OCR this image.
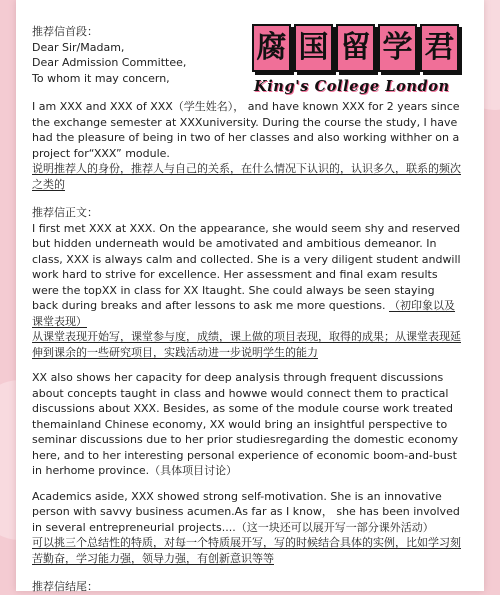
推荐信首段：

Dear Sir/Madam,

Dear Admission Committee,

To whom it may concern,

I am XXX and XXX of XXX（学生姓名）， and have known XXX for 2 years since the exchange semester at XXXuniversity. During the course the study, I have had the pleasure of being in two of her classes and also working withher on a project for“XXX” module.

说明推荐人的身份，推荐人与自己的关系，在什么情况下认识的，认识多久，联系的频次之类的

推荐信正文：

I first met XXX at XXX. On the appearance, she would seem shy and reserved but hidden underneath would be amotivated and ambitious demeanor. In class, XXX is always calm and collected. She is a very diligent student andwill work hard to strive for excellence. Her assessment and final exam results were the topXX in class for XX Itaught. She could always be seen staying back during breaks and after lessons to ask me more questions. （初印象以及课堂表现）

从课堂表现开始写，课堂参与度，成绩，课上做的项目表现，取得的成果；从课堂表现延伸到课余的一些研究项目，实践活动进一步说明学生的能力

XX also shows her capacity for deep analysis through frequent discussions about concepts taught in class and howwe would connect them to practical discussions about XXX. Besides, as some of the module course work treated themainland Chinese economy, XX would bring an insightful perspective to seminar discussions due to her prior studiesregarding the domestic economy here, and to her interesting personal experience of economic boom-and-bust in herhome province.（具体项目讨论）

Academics aside, XXX showed strong self-motivation. She is an innovative person with savvy business acumen.As far as I know， she has been involved in several entrepreneurial projects....（这一块还可以展开写一部分课外活动）

可以挑三个总结性的特质，对每一个特质展开写，写的时候结合具体的实例，比如学习刻苦勤奋，学习能力强，领导力强，有创新意识等等

推荐信结尾：

腐 国 留 学 君
King's College London
